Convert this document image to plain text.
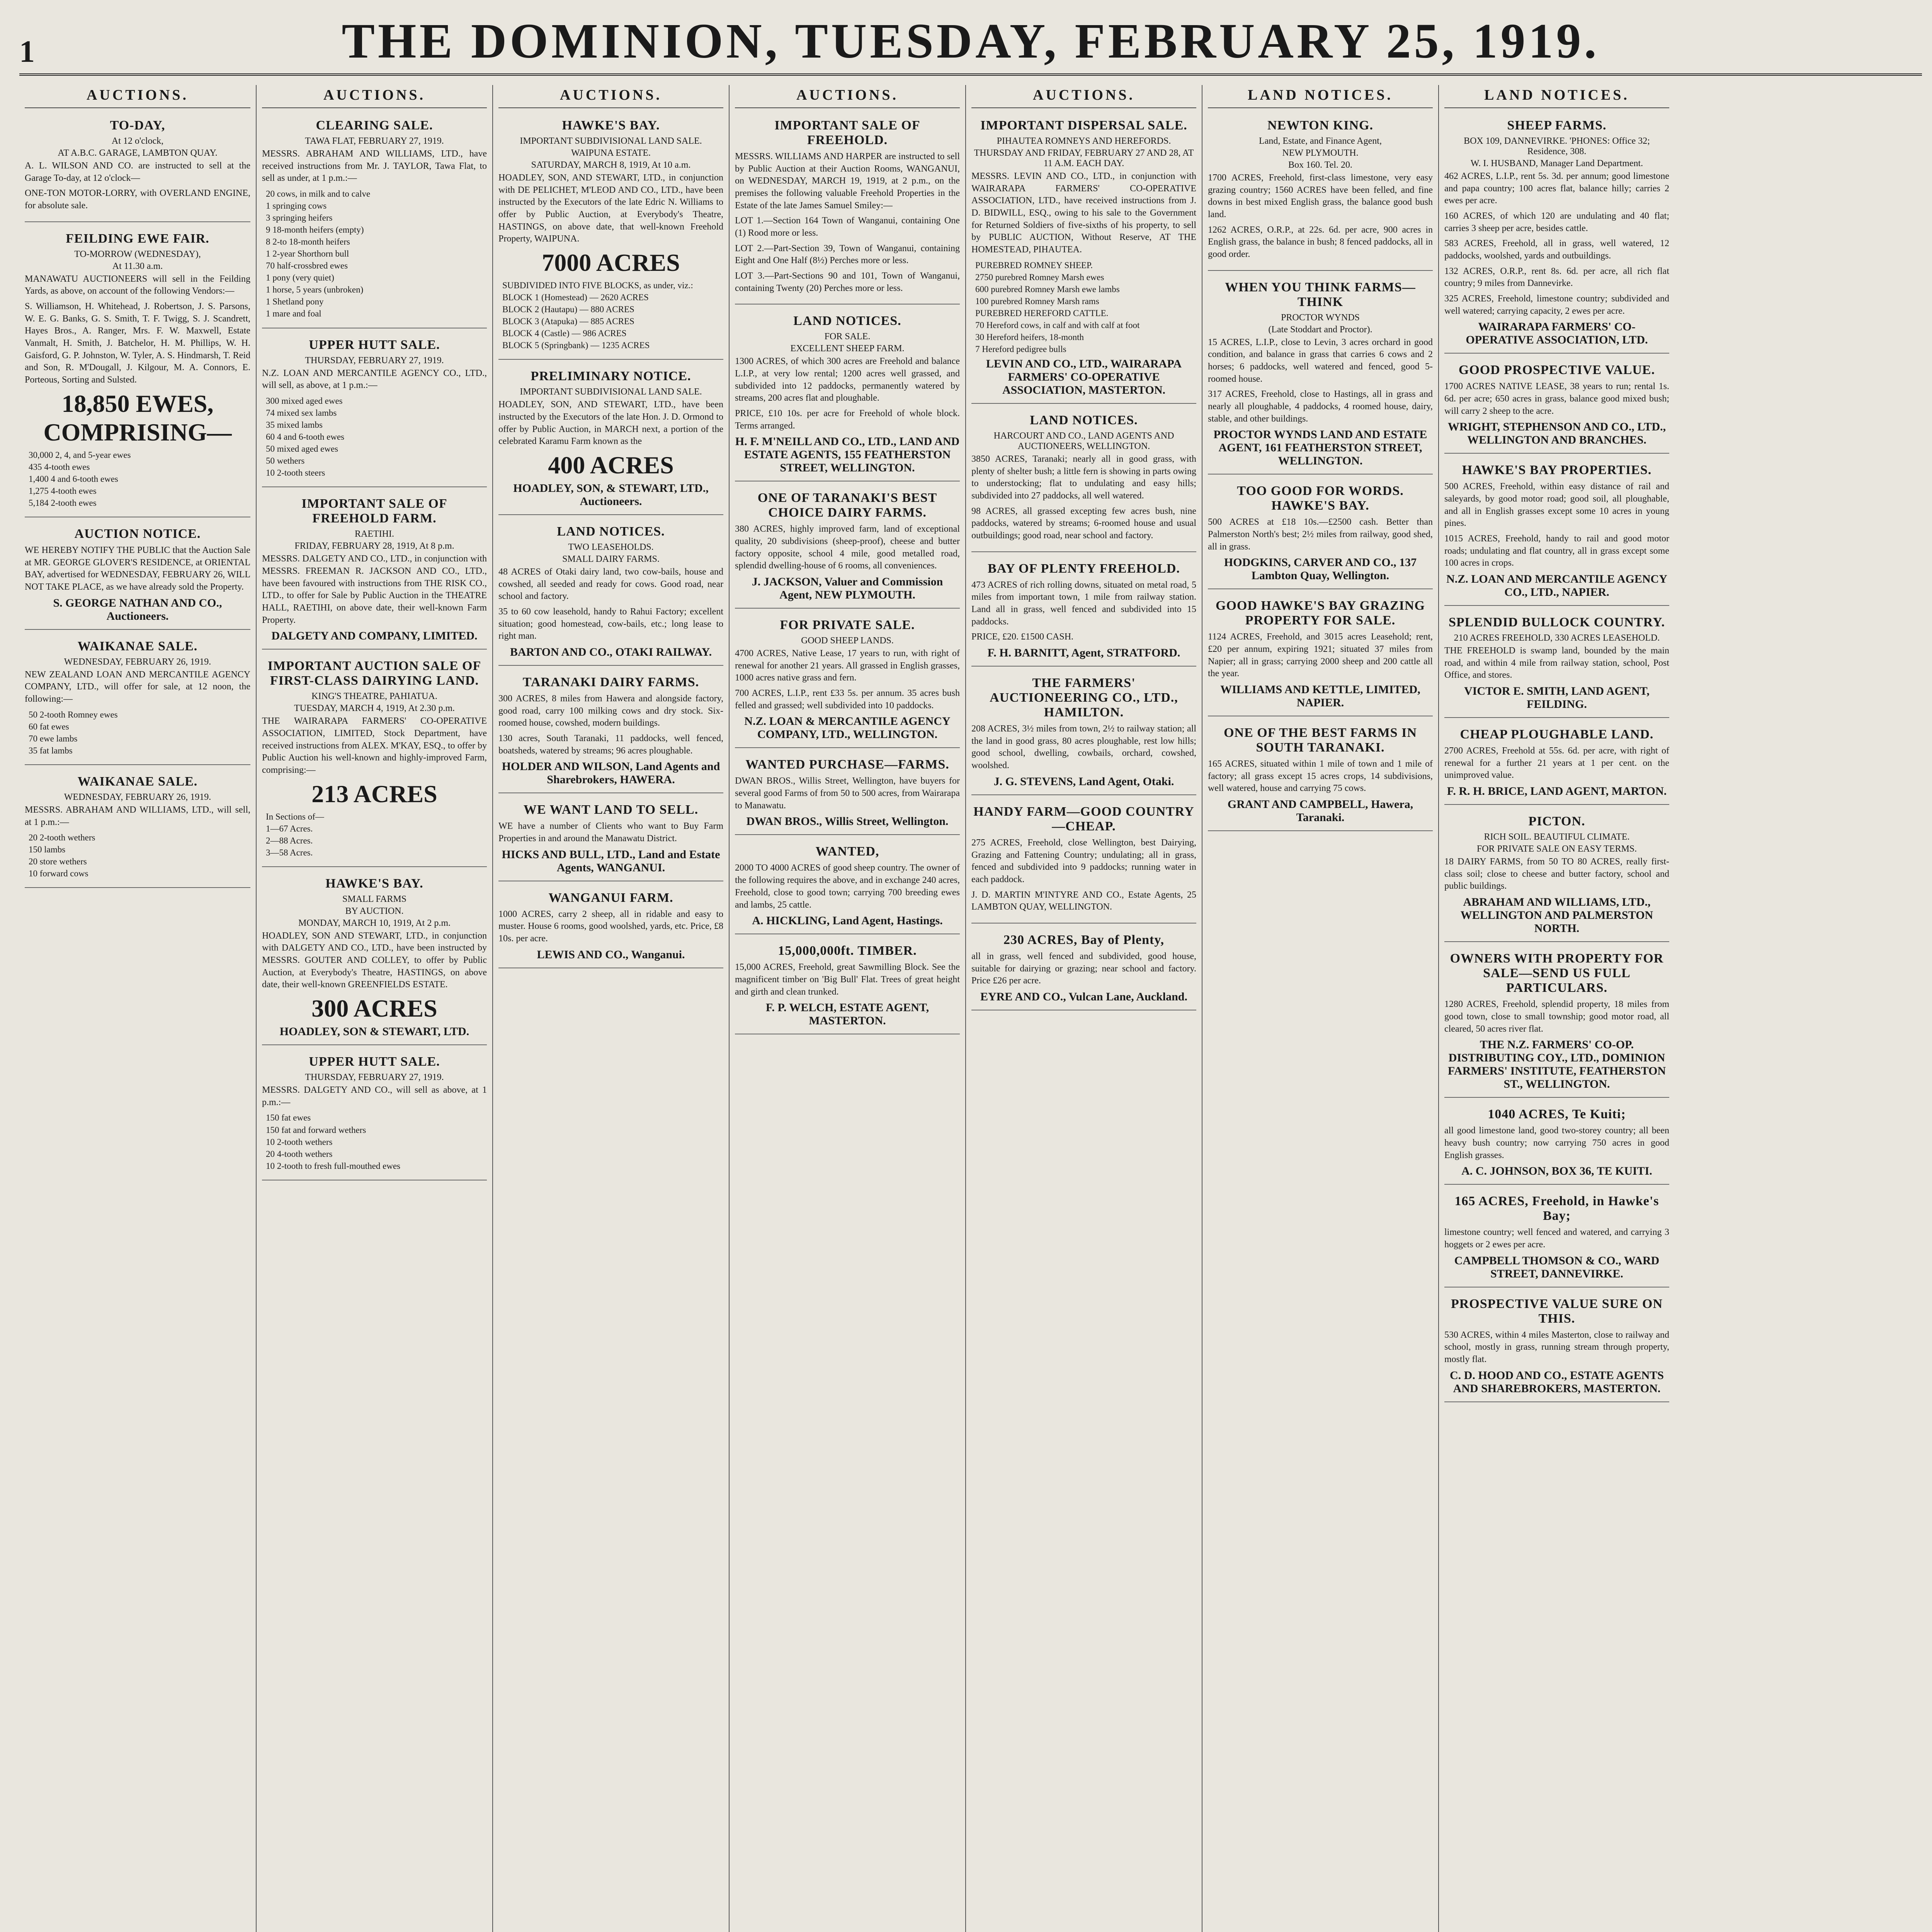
1	THE DOMINION, TUESDAY, FEBRUARY 25, 1919.
AUCTIONS.
TO-DAY,
At 12 o'clock,
AT A.B.C. GARAGE, LAMBTON QUAY.

A. L. WILSON AND CO. are instructed to sell at the Garage To-day, at 12 o'clock—

ONE-TON MOTOR-LORRY, with OVERLAND ENGINE, for absolute sale.

FEILDING EWE FAIR.
TO-MORROW (WEDNESDAY),
At 11.30 a.m.

MANAWATU AUCTIONEERS will sell in the Feilding Yards, as above, on account of the following Vendors:—

S. Williamson, H. Whitehead, J. Robertson, J. S. Parsons, W. E. G. Banks, G. S. Smith, T. F. Twigg, S. J. Scandrett, Hayes Bros., A. Ranger, Mrs. F. W. Maxwell, Estate Vanmalt, H. Smith, J. Batchelor, H. M. Phillips, W. H. Gaisford, G. P. Johnston, W. Tyler, A. S. Hindmarsh, T. Reid and Son, R. M'Dougall, J. Kilgour, M. A. Connors, E. Porteous, Sorting and Sulsted.

18,850 EWES, COMPRISING—
30,000 2, 4, and 5-year ewes
435 4-tooth ewes
1,400 4 and 6-tooth ewes
1,275 4-tooth ewes
5,184 2-tooth ewes
AUCTION NOTICE.

WE HEREBY NOTIFY THE PUBLIC that the Auction Sale at MR. GEORGE GLOVER'S RESIDENCE, at ORIENTAL BAY, advertised for WEDNESDAY, FEBRUARY 26, WILL NOT TAKE PLACE, as we have already sold the Property.

S. GEORGE NATHAN AND CO., Auctioneers.
WAIKANAE SALE.
WEDNESDAY, FEBRUARY 26, 1919.

NEW ZEALAND LOAN AND MERCANTILE AGENCY COMPANY, LTD., will offer for sale, at 12 noon, the following:—

50 2-tooth Romney ewes
60 fat ewes
70 ewe lambs
35 fat lambs
WAIKANAE SALE.
WEDNESDAY, FEBRUARY 26, 1919.

MESSRS. ABRAHAM AND WILLIAMS, LTD., will sell, at 1 p.m.:—

20 2-tooth wethers
150 lambs
20 store wethers
10 forward cows
AUCTIONS.
CLEARING SALE.
TAWA FLAT, FEBRUARY 27, 1919.

MESSRS. ABRAHAM AND WILLIAMS, LTD., have received instructions from Mr. J. TAYLOR, Tawa Flat, to sell as under, at 1 p.m.:—

20 cows, in milk and to calve
1 springing cows
3 springing heifers
9 18-month heifers (empty)
8 2-to 18-month heifers
1 2-year Shorthorn bull
70 half-crossbred ewes
1 pony (very quiet)
1 horse, 5 years (unbroken)
1 Shetland pony
1 mare and foal
UPPER HUTT SALE.
THURSDAY, FEBRUARY 27, 1919.

N.Z. LOAN AND MERCANTILE AGENCY CO., LTD., will sell, as above, at 1 p.m.:—

300 mixed aged ewes
74 mixed sex lambs
35 mixed lambs
60 4 and 6-tooth ewes
50 mixed aged ewes
50 wethers
10 2-tooth steers
IMPORTANT SALE OF FREEHOLD FARM.
RAETIHI.
FRIDAY, FEBRUARY 28, 1919, At 8 p.m.

MESSRS. DALGETY AND CO., LTD., in conjunction with MESSRS. FREEMAN R. JACKSON AND CO., LTD., have been favoured with instructions from THE RISK CO., LTD., to offer for Sale by Public Auction in the THEATRE HALL, RAETIHI, on above date, their well-known Farm Property.

DALGETY AND COMPANY, LIMITED.
IMPORTANT AUCTION SALE OF FIRST-CLASS DAIRYING LAND.
KING'S THEATRE, PAHIATUA.
TUESDAY, MARCH 4, 1919, At 2.30 p.m.

THE WAIRARAPA FARMERS' CO-OPERATIVE ASSOCIATION, LIMITED, Stock Department, have received instructions from ALEX. M'KAY, ESQ., to offer by Public Auction his well-known and highly-improved Farm, comprising:—

213 ACRES
In Sections of—
1—67 Acres.
2—88 Acres.
3—58 Acres.
HAWKE'S BAY.
SMALL FARMS
BY AUCTION.
MONDAY, MARCH 10, 1919, At 2 p.m.

HOADLEY, SON AND STEWART, LTD., in conjunction with DALGETY AND CO., LTD., have been instructed by MESSRS. GOUTER AND COLLEY, to offer by Public Auction, at Everybody's Theatre, HASTINGS, on above date, their well-known GREENFIELDS ESTATE.

300 ACRES
HOADLEY, SON & STEWART, LTD.
UPPER HUTT SALE.
THURSDAY, FEBRUARY 27, 1919.

MESSRS. DALGETY AND CO., will sell as above, at 1 p.m.:—

150 fat ewes
150 fat and forward wethers
10 2-tooth wethers
20 4-tooth wethers
10 2-tooth to fresh full-mouthed ewes
AUCTIONS.
HAWKE'S BAY.
IMPORTANT SUBDIVISIONAL LAND SALE.
WAIPUNA ESTATE.
SATURDAY, MARCH 8, 1919, At 10 a.m.

HOADLEY, SON, AND STEWART, LTD., in conjunction with DE PELICHET, M'LEOD AND CO., LTD., have been instructed by the Executors of the late Edric N. Williams to offer by Public Auction, at Everybody's Theatre, HASTINGS, on above date, that well-known Freehold Property, WAIPUNA.

7000 ACRES
SUBDIVIDED INTO FIVE BLOCKS, as under, viz.:
BLOCK 1 (Homestead) — 2620 ACRES
BLOCK 2 (Hautapu) — 880 ACRES
BLOCK 3 (Atapuka) — 885 ACRES
BLOCK 4 (Castle) — 986 ACRES
BLOCK 5 (Springbank) — 1235 ACRES
PRELIMINARY NOTICE.
IMPORTANT SUBDIVISIONAL LAND SALE.

HOADLEY, SON, AND STEWART, LTD., have been instructed by the Executors of the late Hon. J. D. Ormond to offer by Public Auction, in MARCH next, a portion of the celebrated Karamu Farm known as the

400 ACRES
HOADLEY, SON, & STEWART, LTD., Auctioneers.
LAND NOTICES.
TWO LEASEHOLDS.
SMALL DAIRY FARMS.

48 ACRES of Otaki dairy land, two cow-bails, house and cowshed, all seeded and ready for cows. Good road, near school and factory.

35 to 60 cow leasehold, handy to Rahui Factory; excellent situation; good homestead, cow-bails, etc.; long lease to right man.

BARTON AND CO., OTAKI RAILWAY.
TARANAKI DAIRY FARMS.

300 ACRES, 8 miles from Hawera and alongside factory, good road, carry 100 milking cows and dry stock. Six-roomed house, cowshed, modern buildings.

130 acres, South Taranaki, 11 paddocks, well fenced, boatsheds, watered by streams; 96 acres ploughable.

HOLDER AND WILSON, Land Agents and Sharebrokers, HAWERA.
WE WANT LAND TO SELL.

WE have a number of Clients who want to Buy Farm Properties in and around the Manawatu District.

HICKS AND BULL, LTD., Land and Estate Agents, WANGANUI.
WANGANUI FARM.

1000 ACRES, carry 2 sheep, all in ridable and easy to muster. House 6 rooms, good woolshed, yards, etc. Price, £8 10s. per acre.

LEWIS AND CO., Wanganui.
AUCTIONS.
IMPORTANT SALE OF FREEHOLD.

MESSRS. WILLIAMS AND HARPER are instructed to sell by Public Auction at their Auction Rooms, WANGANUI, on WEDNESDAY, MARCH 19, 1919, at 2 p.m., on the premises the following valuable Freehold Properties in the Estate of the late James Samuel Smiley:—

LOT 1.—Section 164 Town of Wanganui, containing One (1) Rood more or less.

LOT 2.—Part-Section 39, Town of Wanganui, containing Eight and One Half (8½) Perches more or less.

LOT 3.—Part-Sections 90 and 101, Town of Wanganui, containing Twenty (20) Perches more or less.

LAND NOTICES.
FOR SALE.
EXCELLENT SHEEP FARM.

1300 ACRES, of which 300 acres are Freehold and balance L.I.P., at very low rental; 1200 acres well grassed, and subdivided into 12 paddocks, permanently watered by streams, 200 acres flat and ploughable.

PRICE, £10 10s. per acre for Freehold of whole block. Terms arranged.

H. F. M'NEILL AND CO., LTD., LAND AND ESTATE AGENTS, 155 FEATHERSTON STREET, WELLINGTON.
ONE OF TARANAKI'S BEST CHOICE DAIRY FARMS.

380 ACRES, highly improved farm, land of exceptional quality, 20 subdivisions (sheep-proof), cheese and butter factory opposite, school 4 mile, good metalled road, splendid dwelling-house of 6 rooms, all conveniences.

J. JACKSON, Valuer and Commission Agent, NEW PLYMOUTH.
FOR PRIVATE SALE.
GOOD SHEEP LANDS.

4700 ACRES, Native Lease, 17 years to run, with right of renewal for another 21 years. All grassed in English grasses, 1000 acres native grass and fern.

700 ACRES, L.I.P., rent £33 5s. per annum. 35 acres bush felled and grassed; well subdivided into 10 paddocks.

N.Z. LOAN & MERCANTILE AGENCY COMPANY, LTD., WELLINGTON.
WANTED PURCHASE—FARMS.

DWAN BROS., Willis Street, Wellington, have buyers for several good Farms of from 50 to 500 acres, from Wairarapa to Manawatu.

DWAN BROS., Willis Street, Wellington.
WANTED,

2000 TO 4000 ACRES of good sheep country. The owner of the following requires the above, and in exchange 240 acres, Freehold, close to good town; carrying 700 breeding ewes and lambs, 25 cattle.

A. HICKLING, Land Agent, Hastings.
15,000,000ft. TIMBER.

15,000 ACRES, Freehold, great Sawmilling Block. See the magnificent timber on 'Big Bull' Flat. Trees of great height and girth and clean trunked.

F. P. WELCH, ESTATE AGENT, MASTERTON.
AUCTIONS.
IMPORTANT DISPERSAL SALE.
PIHAUTEA ROMNEYS AND HEREFORDS.
THURSDAY AND FRIDAY, FEBRUARY 27 AND 28, AT 11 A.M. EACH DAY.

MESSRS. LEVIN AND CO., LTD., in conjunction with WAIRARAPA FARMERS' CO-OPERATIVE ASSOCIATION, LTD., have received instructions from J. D. BIDWILL, ESQ., owing to his sale to the Government for Returned Soldiers of five-sixths of his property, to sell by PUBLIC AUCTION, Without Reserve, AT THE HOMESTEAD, PIHAUTEA.

PUREBRED ROMNEY SHEEP.
2750 purebred Romney Marsh ewes
600 purebred Romney Marsh ewe lambs
100 purebred Romney Marsh rams
PUREBRED HEREFORD CATTLE.
70 Hereford cows, in calf and with calf at foot
30 Hereford heifers, 18-month
7 Hereford pedigree bulls
LEVIN AND CO., LTD., WAIRARAPA FARMERS' CO-OPERATIVE ASSOCIATION, MASTERTON.
LAND NOTICES.
HARCOURT AND CO., LAND AGENTS AND AUCTIONEERS, WELLINGTON.

3850 ACRES, Taranaki; nearly all in good grass, with plenty of shelter bush; a little fern is showing in parts owing to understocking; flat to undulating and easy hills; subdivided into 27 paddocks, all well watered.

98 ACRES, all grassed excepting few acres bush, nine paddocks, watered by streams; 6-roomed house and usual outbuildings; good road, near school and factory.

BAY OF PLENTY FREEHOLD.

473 ACRES of rich rolling downs, situated on metal road, 5 miles from important town, 1 mile from railway station. Land all in grass, well fenced and subdivided into 15 paddocks.

PRICE, £20. £1500 CASH.

F. H. BARNITT, Agent, STRATFORD.
THE FARMERS' AUCTIONEERING CO., LTD., HAMILTON.

208 ACRES, 3½ miles from town, 2½ to railway station; all the land in good grass, 80 acres ploughable, rest low hills; good school, dwelling, cowbails, orchard, cowshed, woolshed.

J. G. STEVENS, Land Agent, Otaki.
HANDY FARM—GOOD COUNTRY—CHEAP.

275 ACRES, Freehold, close Wellington, best Dairying, Grazing and Fattening Country; undulating; all in grass, fenced and subdivided into 9 paddocks; running water in each paddock.

J. D. MARTIN M'INTYRE AND CO., Estate Agents, 25 LAMBTON QUAY, WELLINGTON.

230 ACRES, Bay of Plenty,

all in grass, well fenced and subdivided, good house, suitable for dairying or grazing; near school and factory. Price £26 per acre.

EYRE AND CO., Vulcan Lane, Auckland.
LAND NOTICES.
NEWTON KING.
Land, Estate, and Finance Agent,
NEW PLYMOUTH.
Box 160. Tel. 20.

1700 ACRES, Freehold, first-class limestone, very easy grazing country; 1560 ACRES have been felled, and fine downs in best mixed English grass, the balance good bush land.

1262 ACRES, O.R.P., at 22s. 6d. per acre, 900 acres in English grass, the balance in bush; 8 fenced paddocks, all in good order.

WHEN YOU THINK FARMS—THINK
PROCTOR WYNDS
(Late Stoddart and Proctor).

15 ACRES, L.I.P., close to Levin, 3 acres orchard in good condition, and balance in grass that carries 6 cows and 2 horses; 6 paddocks, well watered and fenced, good 5-roomed house.

317 ACRES, Freehold, close to Hastings, all in grass and nearly all ploughable, 4 paddocks, 4 roomed house, dairy, stable, and other buildings.

PROCTOR WYNDS LAND AND ESTATE AGENT, 161 FEATHERSTON STREET, WELLINGTON.
TOO GOOD FOR WORDS. HAWKE'S BAY.

500 ACRES at £18 10s.—£2500 cash. Better than Palmerston North's best; 2½ miles from railway, good shed, all in grass.

HODGKINS, CARVER AND CO., 137 Lambton Quay, Wellington.
GOOD HAWKE'S BAY GRAZING PROPERTY FOR SALE.

1124 ACRES, Freehold, and 3015 acres Leasehold; rent, £20 per annum, expiring 1921; situated 37 miles from Napier; all in grass; carrying 2000 sheep and 200 cattle all the year.

WILLIAMS AND KETTLE, LIMITED, NAPIER.
ONE OF THE BEST FARMS IN SOUTH TARANAKI.

165 ACRES, situated within 1 mile of town and 1 mile of factory; all grass except 15 acres crops, 14 subdivisions, well watered, house and carrying 75 cows.

GRANT AND CAMPBELL, Hawera, Taranaki.
LAND NOTICES.
SHEEP FARMS.
BOX 109, DANNEVIRKE. 'PHONES: Office 32; Residence, 308.
W. I. HUSBAND, Manager Land Department.

462 ACRES, L.I.P., rent 5s. 3d. per annum; good limestone and papa country; 100 acres flat, balance hilly; carries 2 ewes per acre.

160 ACRES, of which 120 are undulating and 40 flat; carries 3 sheep per acre, besides cattle.

583 ACRES, Freehold, all in grass, well watered, 12 paddocks, woolshed, yards and outbuildings.

132 ACRES, O.R.P., rent 8s. 6d. per acre, all rich flat country; 9 miles from Dannevirke.

325 ACRES, Freehold, limestone country; subdivided and well watered; carrying capacity, 2 ewes per acre.

WAIRARAPA FARMERS' CO-OPERATIVE ASSOCIATION, LTD.
GOOD PROSPECTIVE VALUE.

1700 ACRES NATIVE LEASE, 38 years to run; rental 1s. 6d. per acre; 650 acres in grass, balance good mixed bush; will carry 2 sheep to the acre.

WRIGHT, STEPHENSON AND CO., LTD., WELLINGTON AND BRANCHES.
HAWKE'S BAY PROPERTIES.

500 ACRES, Freehold, within easy distance of rail and saleyards, by good motor road; good soil, all ploughable, and all in English grasses except some 10 acres in young pines.

1015 ACRES, Freehold, handy to rail and good motor roads; undulating and flat country, all in grass except some 100 acres in crops.

N.Z. LOAN AND MERCANTILE AGENCY CO., LTD., NAPIER.
SPLENDID BULLOCK COUNTRY.
210 ACRES FREEHOLD, 330 ACRES LEASEHOLD.

THE FREEHOLD is swamp land, bounded by the main road, and within 4 mile from railway station, school, Post Office, and stores.

VICTOR E. SMITH, LAND AGENT, FEILDING.
CHEAP PLOUGHABLE LAND.

2700 ACRES, Freehold at 55s. 6d. per acre, with right of renewal for a further 21 years at 1 per cent. on the unimproved value.

F. R. H. BRICE, LAND AGENT, MARTON.
PICTON.
RICH SOIL. BEAUTIFUL CLIMATE.
FOR PRIVATE SALE ON EASY TERMS.

18 DAIRY FARMS, from 50 TO 80 ACRES, really first-class soil; close to cheese and butter factory, school and public buildings.

ABRAHAM AND WILLIAMS, LTD., WELLINGTON AND PALMERSTON NORTH.
OWNERS WITH PROPERTY FOR SALE—SEND US FULL PARTICULARS.

1280 ACRES, Freehold, splendid property, 18 miles from good town, close to small township; good motor road, all cleared, 50 acres river flat.

THE N.Z. FARMERS' CO-OP. DISTRIBUTING COY., LTD., DOMINION FARMERS' INSTITUTE, FEATHERSTON ST., WELLINGTON.
1040 ACRES, Te Kuiti;

all good limestone land, good two-storey country; all been heavy bush country; now carrying 750 acres in good English grasses.

A. C. JOHNSON, BOX 36, TE KUITI.
165 ACRES, Freehold, in Hawke's Bay;

limestone country; well fenced and watered, and carrying 3 hoggets or 2 ewes per acre.

CAMPBELL THOMSON & CO., WARD STREET, DANNEVIRKE.
PROSPECTIVE VALUE SURE ON THIS.

530 ACRES, within 4 miles Masterton, close to railway and school, mostly in grass, running stream through property, mostly flat.

C. D. HOOD AND CO., ESTATE AGENTS AND SHAREBROKERS, MASTERTON.
